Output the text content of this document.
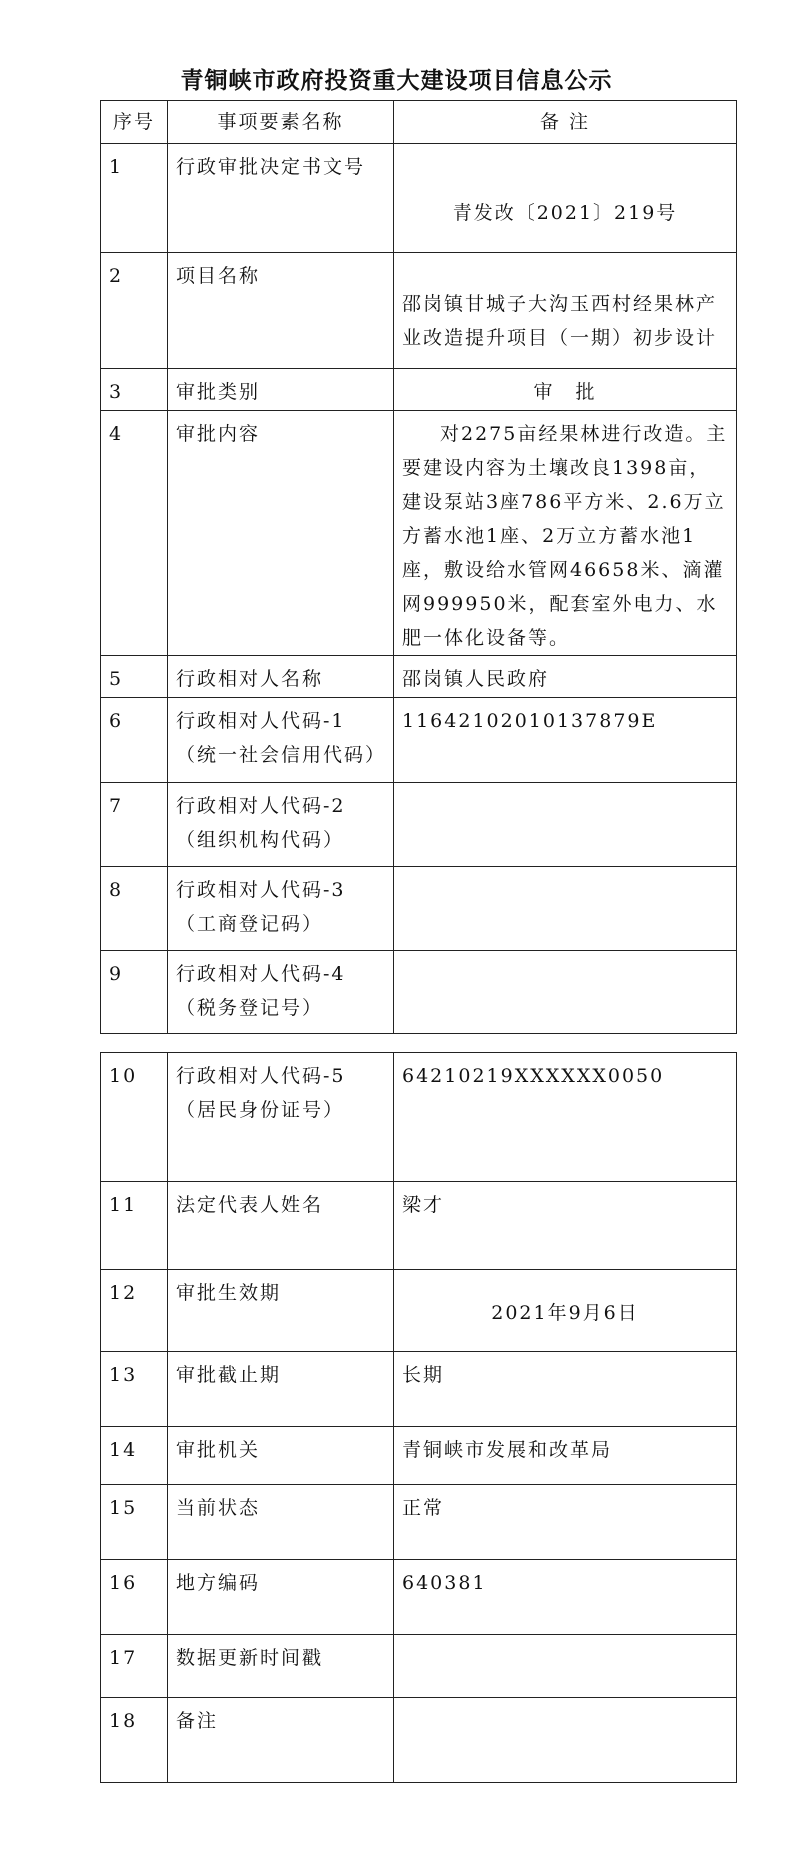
青铜峡市政府投资重大建设项目信息公示
序号	事项要素名称	备 注
1	行政审批决定书文号	青发改〔2021〕219号
2	项目名称	邵岗镇甘城子大沟玉西村经果林产业改造提升项目（一期）初步设计
3	审批类别	审　批
4	审批内容	对2275亩经果林进行改造。主要建设内容为土壤改良1398亩，建设泵站3座786平方米、2.6万立方蓄水池1座、2万立方蓄水池1座，敷设给水管网46658米、滴灌网999950米，配套室外电力、水肥一体化设备等。
5	行政相对人名称	邵岗镇人民政府
6	行政相对人代码-1（统一社会信用代码）	11642102010137879E
7	行政相对人代码-2（组织机构代码）	
8	行政相对人代码-3（工商登记码）	
9	行政相对人代码-4（税务登记号）	
10	行政相对人代码-5（居民身份证号）	64210219XXXXXX0050
11	法定代表人姓名	梁才
12	审批生效期	2021年9月6日
13	审批截止期	长期
14	审批机关	青铜峡市发展和改革局
15	当前状态	正常
16	地方编码	640381
17	数据更新时间戳	
18	备注	
